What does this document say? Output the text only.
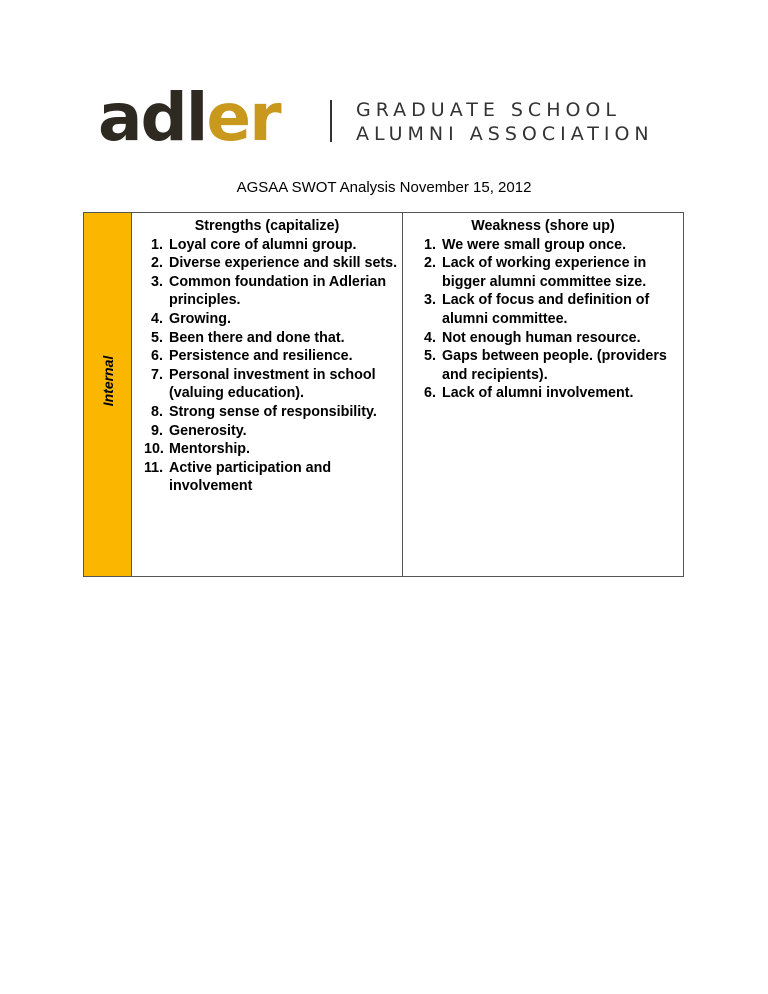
adler	GRADUATE SCHOOL
ALUMNI ASSOCIATION
AGSAA SWOT Analysis November 15, 2012
Internal
Strengths (capitalize)
1. Loyal core of alumni group.
2. Diverse experience and skill sets.
3. Common foundation in Adlerian principles.
4. Growing.
5. Been there and done that.
6. Persistence and resilience.
7. Personal investment in school (valuing education).
8. Strong sense of responsibility.
9. Generosity.
10. Mentorship.
11. Active participation and involvement
Weakness (shore up)
1. We were small group once.
2. Lack of working experience in bigger alumni committee size.
3. Lack of focus and definition of alumni committee.
4. Not enough human resource.
5. Gaps between people. (providers and recipients).
6. Lack of alumni involvement.
